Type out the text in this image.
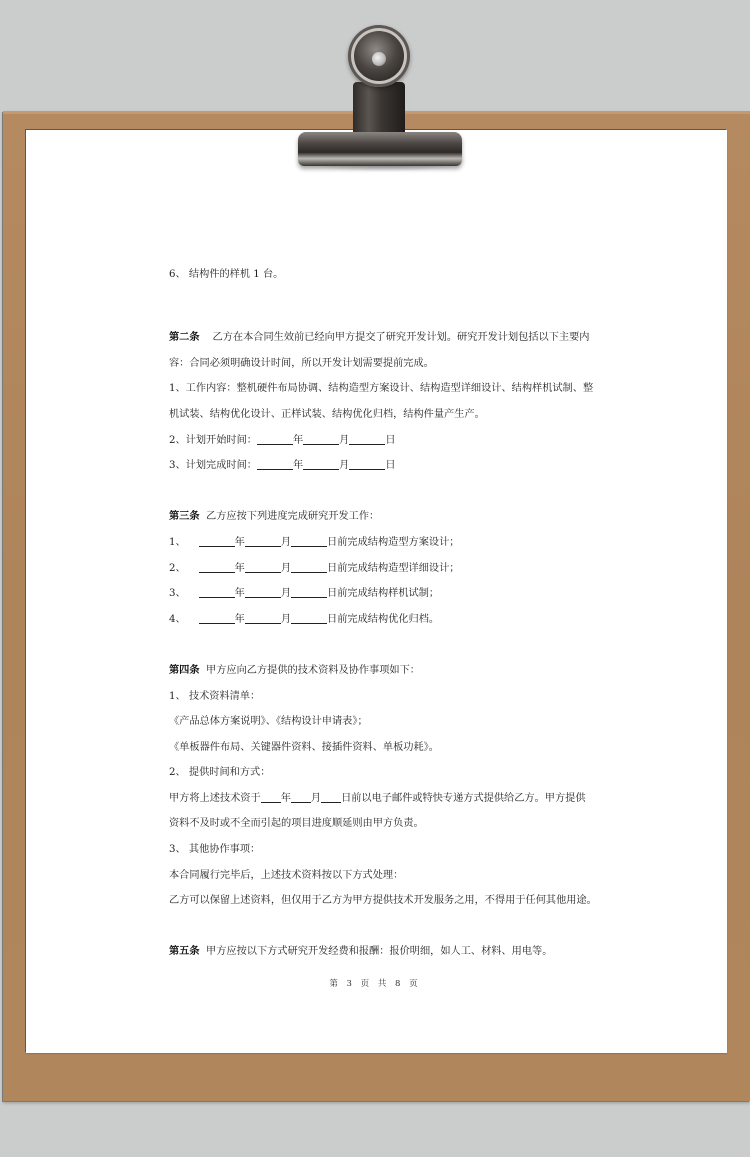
6、 结构件的样机 1 台。
第二条 乙方在本合同生效前已经向甲方提交了研究开发计划。研究开发计划包括以下主要内
容：合同必须明确设计时间，所以开发计划需要提前完成。
1、工作内容：整机硬件布局协调、结构造型方案设计、结构造型详细设计、结构样机试制、整
机试装、结构优化设计、正样试装、结构优化归档，结构件量产生产。
2、计划开始时间：	年	月	日
3、计划完成时间：	年	月	日
第三条 乙方应按下列进度完成研究开发工作：
1、	年	月	日前完成结构造型方案设计；
2、	年	月	日前完成结构造型详细设计；
3、	年	月	日前完成结构样机试制；
4、	年	月	日前完成结构优化归档。
第四条 甲方应向乙方提供的技术资料及协作事项如下：
1、 技术资料清单：
《产品总体方案说明》、《结构设计申请表》；
《单板器件布局、关键器件资料、接插件资料、单板功耗》。
2、 提供时间和方式：
甲方将上述技术资于 年 月 日前以电子邮件或特快专递方式提供给乙方。甲方提供
资料不及时或不全而引起的项目进度顺延则由甲方负责。
3、 其他协作事项：
本合同履行完毕后，上述技术资料按以下方式处理：
乙方可以保留上述资料，但仅用于乙方为甲方提供技术开发服务之用，不得用于任何其他用途。
第五条 甲方应按以下方式研究开发经费和报酬：报价明细，如人工、材料、用电等。
第 3 页 共 8 页
